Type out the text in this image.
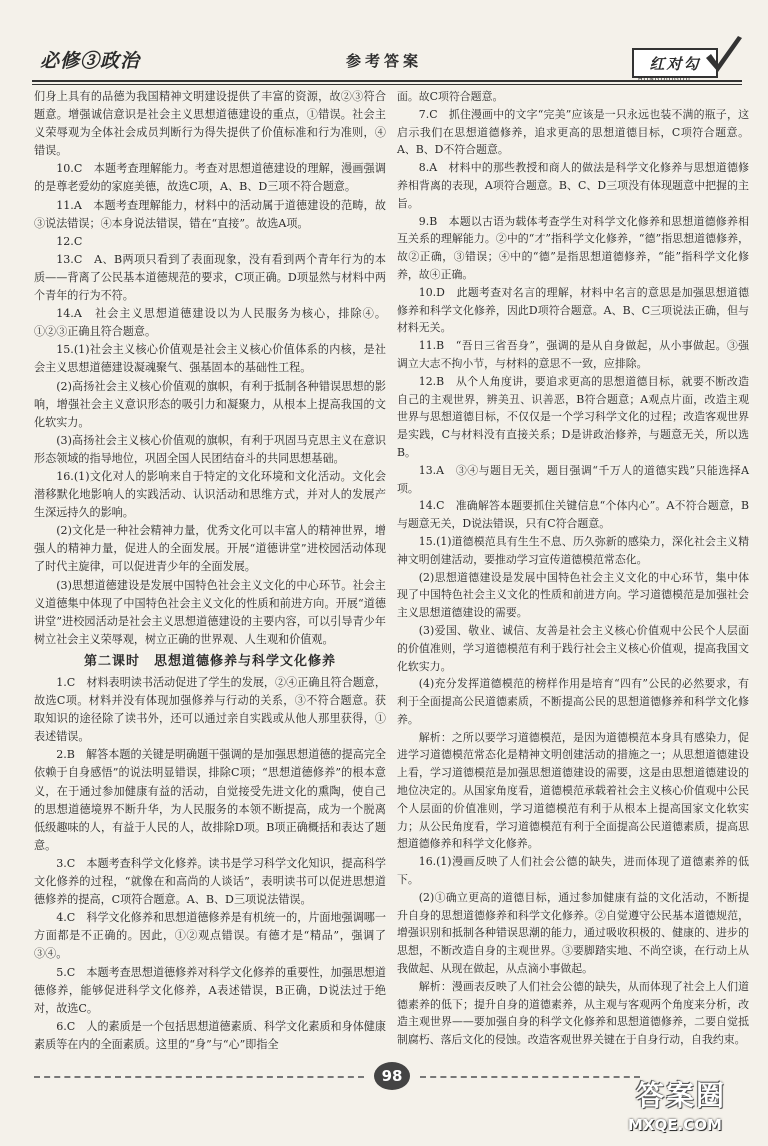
必修③政治	参考答案	红对勾
HONGDUIGOU

们身上具有的品德为我国精神文明建设提供了丰富的资源，故②③符合题意。增强诚信意识是社会主义思想道德建设的重点，①错误。社会主义荣辱观为全体社会成员判断行为得失提供了价值标准和行为准则，④错误。

10.C　本题考查理解能力。考查对思想道德建设的理解，漫画强调的是尊老爱幼的家庭美德，故选C项，A、B、D三项不符合题意。

11.A　本题考查理解能力，材料中的活动属于道德建设的范畴，故③说法错误；④本身说法错误，错在“直接”。故选A项。

12.C

13.C　A、B两项只看到了表面现象，没有看到两个青年行为的本质——背离了公民基本道德规范的要求，C项正确。D项显然与材料中两个青年的行为不符。

14.A　社会主义思想道德建设以为人民服务为核心，排除④。①②③正确且符合题意。

15.(1)社会主义核心价值观是社会主义核心价值体系的内核，是社会主义思想道德建设凝魂聚气、强基固本的基础性工程。

(2)高扬社会主义核心价值观的旗帜，有利于抵制各种错误思想的影响，增强社会主义意识形态的吸引力和凝聚力，从根本上提高我国的文化软实力。

(3)高扬社会主义核心价值观的旗帜，有利于巩固马克思主义在意识形态领域的指导地位，巩固全国人民团结奋斗的共同思想基础。

16.(1)文化对人的影响来自于特定的文化环境和文化活动。文化会潜移默化地影响人的实践活动、认识活动和思维方式，并对人的发展产生深远持久的影响。

(2)文化是一种社会精神力量，优秀文化可以丰富人的精神世界，增强人的精神力量，促进人的全面发展。开展“道德讲堂”进校园活动体现了时代主旋律，可以促进青少年的全面发展。

(3)思想道德建设是发展中国特色社会主义文化的中心环节。社会主义道德集中体现了中国特色社会主义文化的性质和前进方向。开展“道德讲堂”进校园活动是社会主义思想道德建设的主要内容，可以引导青少年树立社会主义荣辱观，树立正确的世界观、人生观和价值观。

第二课时　思想道德修养与科学文化修养

1.C　材料表明读书活动促进了学生的发展，②④正确且符合题意，故选C项。材料并没有体现加强修养与行动的关系，③不符合题意。获取知识的途径除了读书外，还可以通过亲自实践或从他人那里获得，①表述错误。

2.B　解答本题的关键是明确题干强调的是加强思想道德的提高完全依赖于自身感悟”的说法明显错误，排除C项；“思想道德修养”的根本意义，在于通过参加健康有益的活动，自觉接受先进文化的熏陶，使自己的思想道德境界不断升华，为人民服务的本领不断提高，成为一个脱离低级趣味的人，有益于人民的人，故排除D项。B项正确概括和表达了题意。

3.C　本题考查科学文化修养。读书是学习科学文化知识，提高科学文化修养的过程，“就像在和高尚的人谈话”，表明读书可以促进思想道德修养的提高，C项符合题意。A、B、D三项说法错误。

4.C　科学文化修养和思想道德修养是有机统一的，片面地强调哪一方面都是不正确的。因此，①②观点错误。有德才是“精品”，强调了③④。

5.C　本题考查思想道德修养对科学文化修养的重要性，加强思想道德修养，能够促进科学文化修养，A表述错误，B正确，D说法过于绝对，故选C。

6.C　人的素质是一个包括思想道德素质、科学文化素质和身体健康素质等在内的全面素质。这里的“身”与“心”即指全

面。故C项符合题意。

7.C　抓住漫画中的文字“完美”应该是一只永远也装不满的瓶子，这启示我们在思想道德修养，追求更高的思想道德目标，C项符合题意。A、B、D不符合题意。

8.A　材料中的那些教授和商人的做法是科学文化修养与思想道德修养相背离的表现，A项符合题意。B、C、D三项没有体现题意中把握的主旨。

9.B　本题以古语为载体考查学生对科学文化修养和思想道德修养相互关系的理解能力。②中的“才”指科学文化修养，“德”指思想道德修养，故②正确，③错误；④中的“德”是指思想道德修养，“能”指科学文化修养，故④正确。

10.D　此题考查对名言的理解，材料中名言的意思是加强思想道德修养和科学文化修养，因此D项符合题意。A、B、C三项说法正确，但与材料无关。

11.B　“吾日三省吾身”，强调的是从自身做起，从小事做起。③强调立大志不拘小节，与材料的意思不一致，应排除。

12.B　从个人角度讲，要追求更高的思想道德目标，就要不断改造自己的主观世界，辨美丑、识善恶，B符合题意；A观点片面，改造主观世界与思想道德目标，不仅仅是一个学习科学文化的过程；改造客观世界是实践，C与材料没有直接关系；D是讲政治修养，与题意无关，所以选B。

13.A　③④与题目无关，题目强调“千万人的道德实践”只能选择A项。

14.C　准确解答本题要抓住关键信息“个体内心”。A不符合题意，B与题意无关，D说法错误，只有C符合题意。

15.(1)道德模范具有生生不息、历久弥新的感染力，深化社会主义精神文明创建活动，要推动学习宣传道德模范常态化。

(2)思想道德建设是发展中国特色社会主义文化的中心环节，集中体现了中国特色社会主义文化的性质和前进方向。学习道德模范是加强社会主义思想道德建设的需要。

(3)爱国、敬业、诚信、友善是社会主义核心价值观中公民个人层面的价值准则，学习道德模范有利于践行社会主义核心价值观，提高我国文化软实力。

(4)充分发挥道德模范的榜样作用是培育“四有”公民的必然要求，有利于全面提高公民道德素质，不断提高公民的思想道德修养和科学文化修养。

解析：之所以要学习道德模范，是因为道德模范本身具有感染力，促进学习道德模范常态化是精神文明创建活动的措施之一；从思想道德建设上看，学习道德模范是加强思想道德建设的需要，这是由思想道德建设的地位决定的。从国家角度看，道德模范承载着社会主义核心价值观中公民个人层面的价值准则，学习道德模范有利于从根本上提高国家文化软实力；从公民角度看，学习道德模范有利于全面提高公民道德素质，提高思想道德修养和科学文化修养。

16.(1)漫画反映了人们社会公德的缺失，进而体现了道德素养的低下。

(2)①确立更高的道德目标，通过参加健康有益的文化活动，不断提升自身的思想道德修养和科学文化修养。②自觉遵守公民基本道德规范，增强识别和抵制各种错误思潮的能力，通过吸收积极的、健康的、进步的思想，不断改造自身的主观世界。③要脚踏实地、不尚空谈，在行动上从我做起、从现在做起，从点滴小事做起。

解析：漫画表反映了人们社会公德的缺失，从而体现了社会上人们道德素养的低下；提升自身的道德素养，从主观与客观两个角度来分析，改造主观世界——要加强自身的科学文化修养和思想道德修养，二要自觉抵制腐朽、落后文化的侵蚀。改造客观世界关键在于自身行动，自我约束。

98
答案圈
MXQE.COM
